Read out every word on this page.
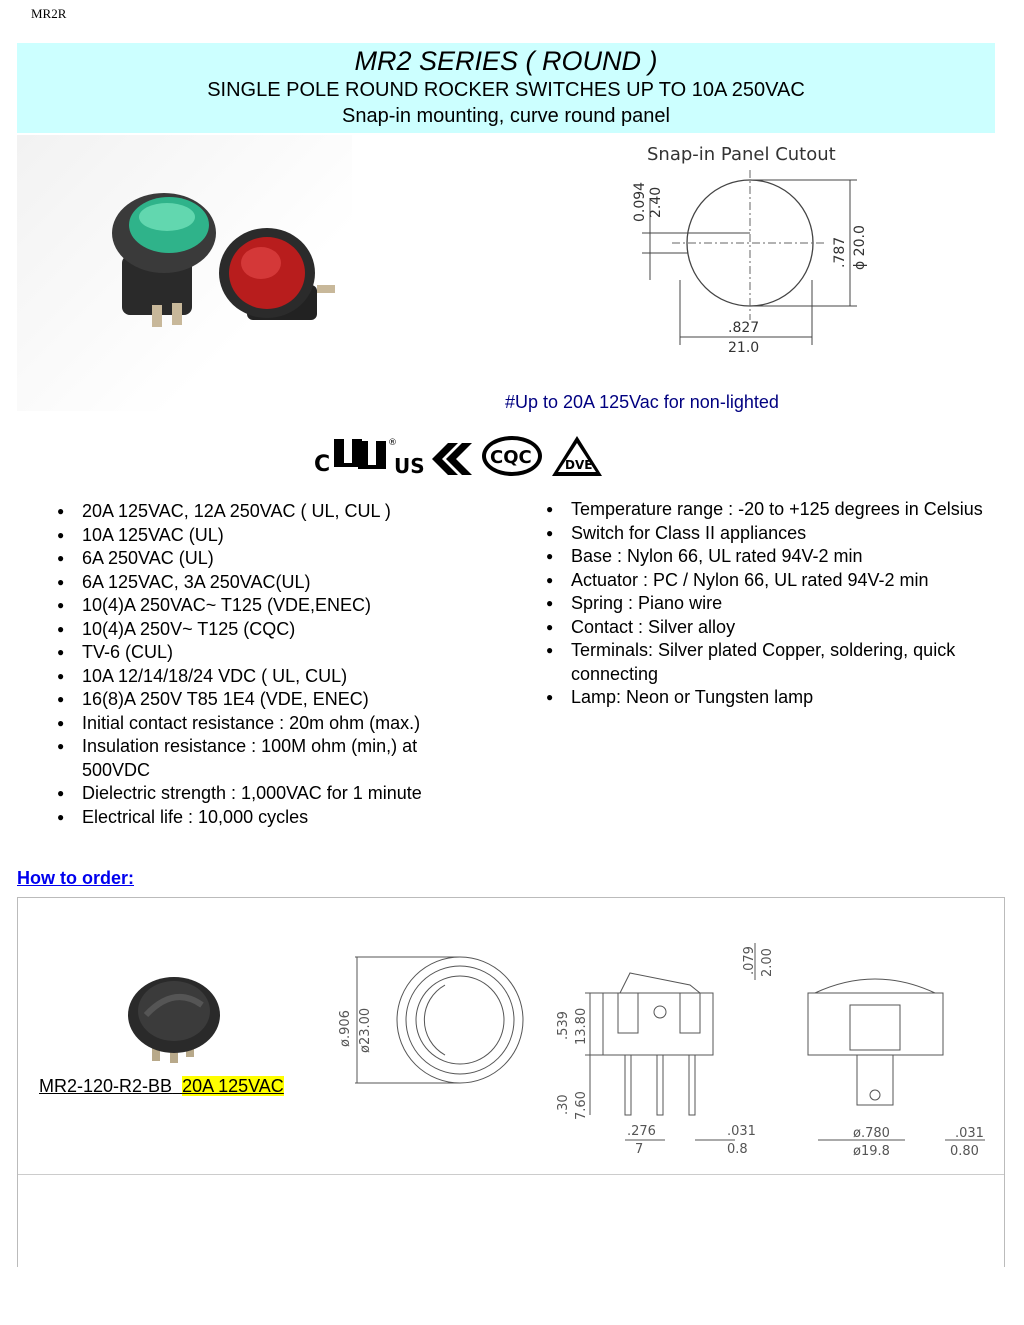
MR2R
MR2 SERIES ( ROUND )
SINGLE POLE ROUND ROCKER SWITCHES UP TO 10A 250VAC
Snap-in mounting, curve round panel
Snap-in Panel Cutout
0.094 2.40
.787 ϕ 20.0
.827
21.0
#Up to 20A 125Vac for non-lighted
C
®
US	CQC	DVE
● 20A 125VAC, 12A 250VAC ( UL, CUL )
● 10A 125VAC (UL)
● 6A 250VAC (UL)
● 6A 125VAC, 3A 250VAC(UL)
● 10(4)A 250VAC~ T125 (VDE,ENEC)
● 10(4)A 250V~ T125 (CQC)
● TV-6 (CUL)
● 10A 12/14/18/24 VDC ( UL, CUL)
● 16(8)A 250V T85 1E4 (VDE, ENEC)
● Initial contact resistance : 20m ohm (max.)
● Insulation resistance : 100M ohm (min,) at 500VDC
● Dielectric strength : 1,000VAC for 1 minute
● Electrical life : 10,000 cycles
● Temperature range : -20 to +125 degrees in Celsius
● Switch for Class II appliances
● Base : Nylon 66, UL rated 94V-2 min
● Actuator : PC / Nylon 66, UL rated 94V-2 min
● Spring : Piano wire
● Contact : Silver alloy
● Terminals: Silver plated Copper, soldering, quick connecting
● Lamp: Neon or Tungsten lamp
How to order:
MR2-120-R2-BB 20A 125VAC
ø.906 ø23.00
.079 2.00
.539 13.80
.30 7.60
.276
7
.031
0.8
ø.780
ø19.8
.031
0.80
